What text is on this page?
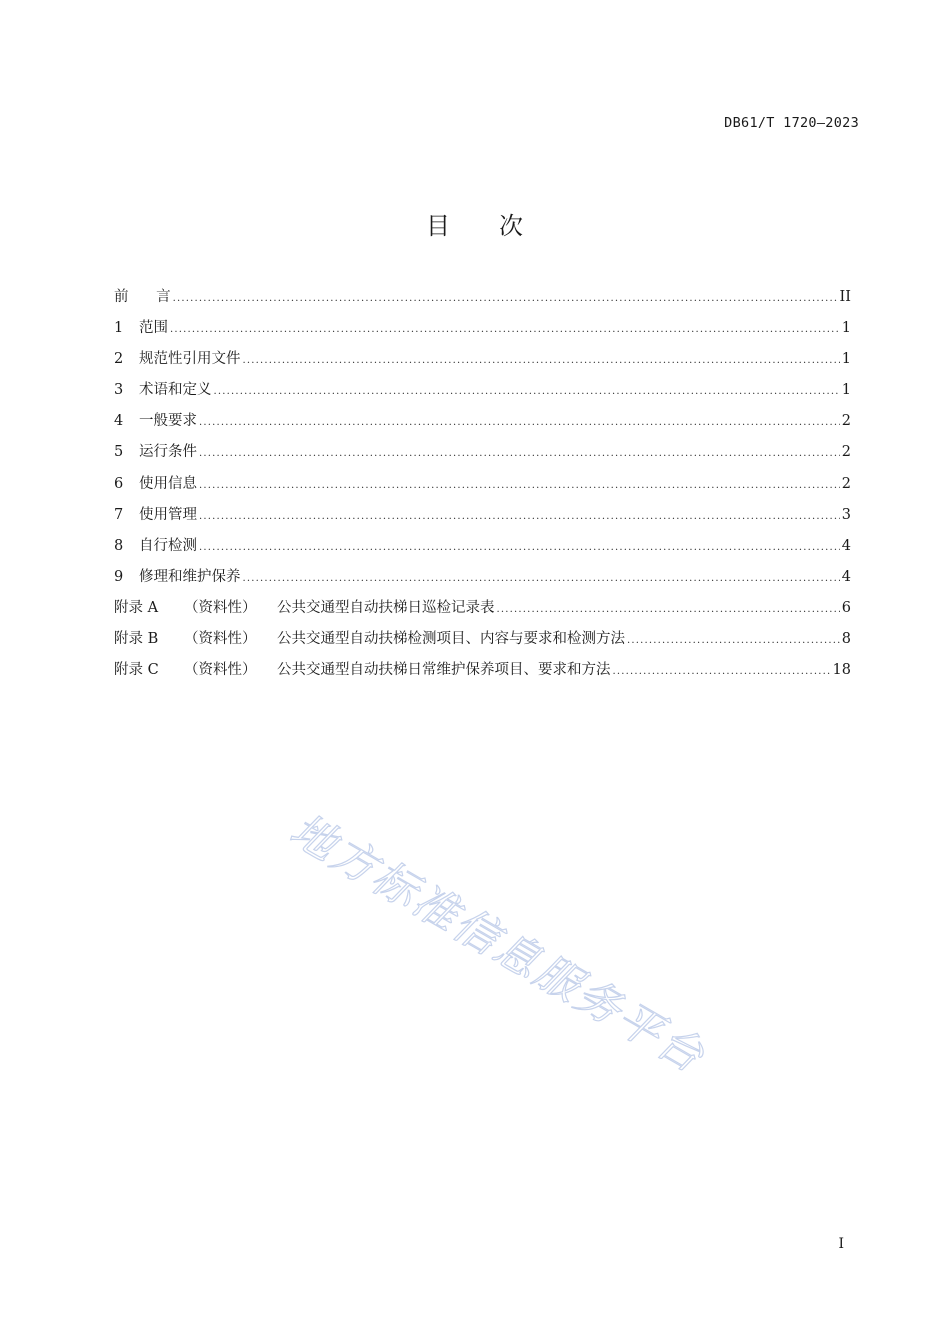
DB61/T 1720—2023
目 次
前      言 .....	II
1	范围 .....	1
2	规范性引用文件 .....	1
3	术语和定义 .....	1
4	一般要求 .....	2
5	运行条件 .....	2
6	使用信息 .....	2
7	使用管理 .....	3
8	自行检测 .....	4
9	修理和维护保养 .....	4
附录 A	（资料性）	公共交通型自动扶梯日巡检记录表 .....	6
附录 B	（资料性）	公共交通型自动扶梯检测项目、内容与要求和检测方法 .....	8
附录 C	（资料性）	公共交通型自动扶梯日常维护保养项目、要求和方法 .....	18
地方标准信息服务平台
I
